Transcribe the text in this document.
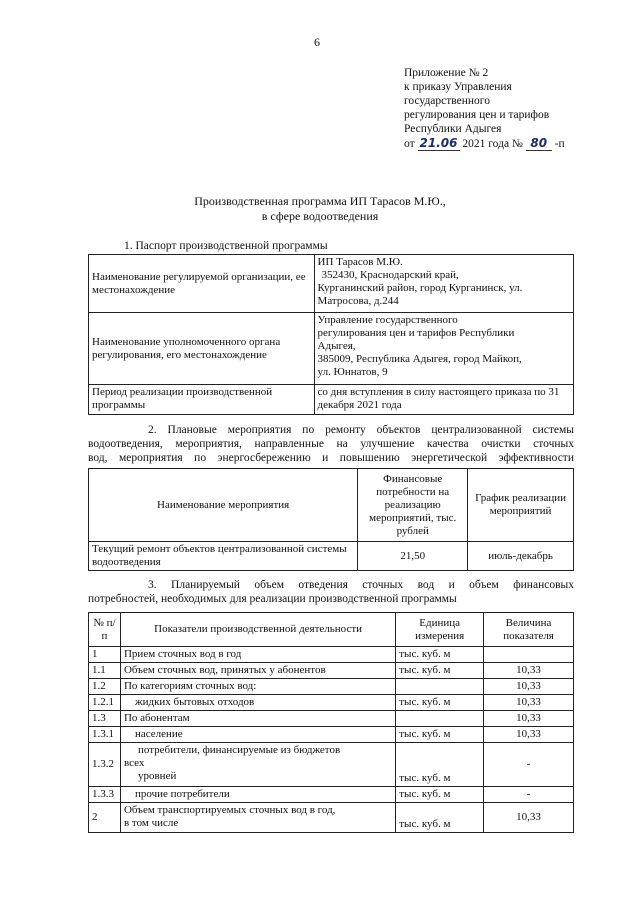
6
Приложение № 2
к приказу Управления
государственного
регулирования цен и тарифов
Республики Адыгея
от 21.06 2021 года № 80 -п
Производственная программа ИП Тарасов М.Ю.,
в сфере водоотведения
1. Паспорт производственной программы
Наименование регулируемой организации, ее местонахождение	ИП Тарасов М.Ю.
352430, Краснодарский край,
Курганинский район, город Курганинск, ул.
Матросова, д.244

Наименование уполномоченного органа регулирования, его местонахождение	Управление государственного
регулирования цен и тарифов Республики
Адыгея,
385009, Республика Адыгея, город Майкоп,
ул. Юннатов, 9

Период реализации производственной программы	со дня вступления в силу настоящего приказа по 31 декабря 2021 года
2. Плановые мероприятия по ремонту объектов централизованной системы
водоотведения, мероприятия, направленные на улучшение качества очистки сточных
вод, мероприятия по энергосбережению и повышению энергетической эффективности
Наименование мероприятия	Финансовые потребности на реализацию мероприятий, тыс. рублей	График реализации мероприятий
Текущий ремонт объектов централизованной системы водоотведения	21,50	июль-декабрь
3. Планируемый объем отведения сточных вод и объем финансовых
потребностей, необходимых для реализации производственной программы
№ п/п	Показатели производственной деятельности	Единица измерения	Величина показателя
1	Прием сточных вод в год	тыс. куб. м	
1.1	Объем сточных вод, принятых у абонентов	тыс. куб. м	10,33
1.2	По категориям сточных вод:		10,33
1.2.1	жидких бытовых отходов	тыс. куб. м	10,33
1.3	По абонентам		10,33
1.3.1	население	тыс. куб. м	10,33
1.3.2	потребители, финансируемые из бюджетов
всех
уровней	тыс. куб. м	-
1.3.3	прочие потребители	тыс. куб. м	-
2	Объем транспортируемых сточных вод в год,
в том числе	тыс. куб. м	10,33
